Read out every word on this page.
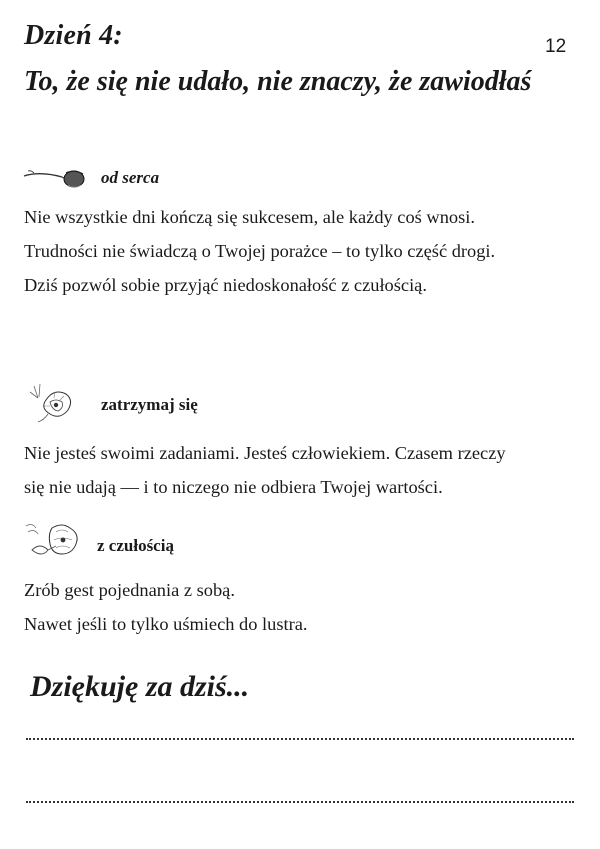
Dzień 4:	12
To, że się nie udało, nie znaczy, że zawiodłaś
od serca
Nie wszystkie dni kończą się sukcesem, ale każdy coś wnosi.
Trudności nie świadczą o Twojej porażce – to tylko część drogi.
Dziś pozwól sobie przyjąć niedoskonałość z czułością.
zatrzymaj się
Nie jesteś swoimi zadaniami. Jesteś człowiekiem. Czasem rzeczy
się nie udają — i to niczego nie odbiera Twojej wartości.
z czułością
Zrób gest pojednania z sobą.
Nawet jeśli to tylko uśmiech do lustra.
Dziękuję za dziś...
